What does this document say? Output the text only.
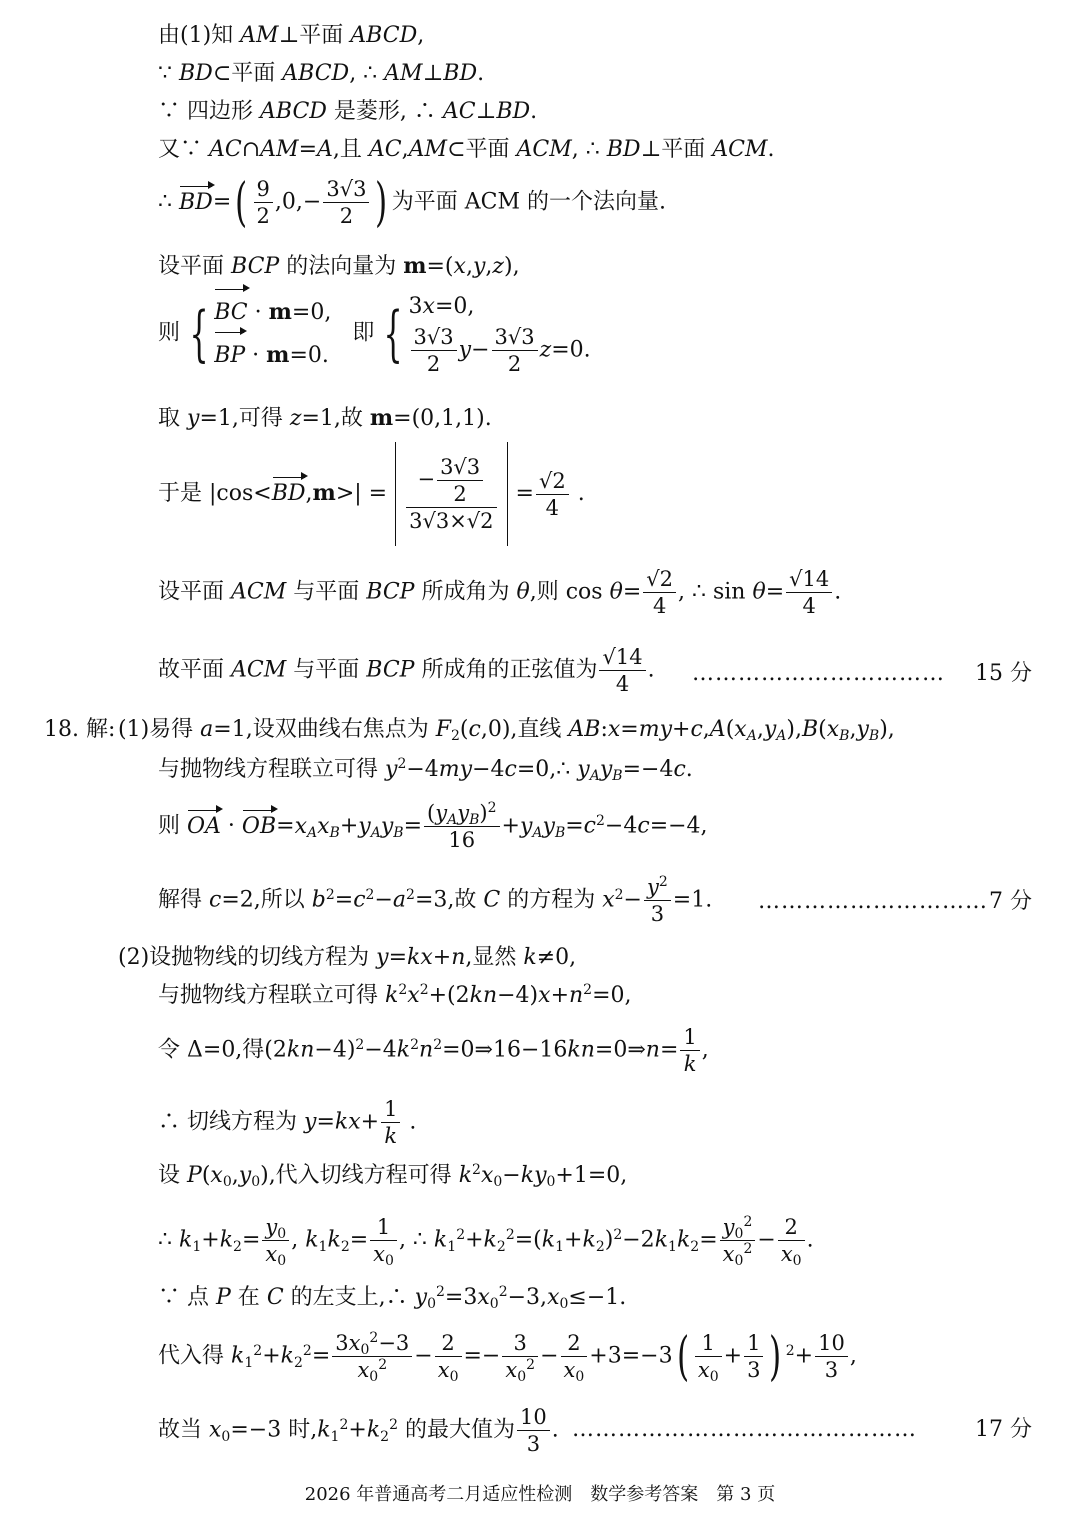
由(1)知 AM⊥平面 ABCD,
∵ BD⊂平面 ABCD, ∴ AM⊥BD.
∵ 四边形 ABCD 是菱形, ∴ AC⊥BD.
又∵ AC∩AM=A,且 AC,AM⊂平面 ACM, ∴ BD⊥平面 ACM.
∴ $BD=( \frac{9}{2} ,0,- \frac{3√3}{2}$ ) 为平面 ACM 的一个法向量.
设平面 BCP 的法向量为 m=(x,y,z),
则 { BC · m=0,
BP · m=0.
即 { 3x=0,
$\frac{3√3}{2} y- \frac{3√3}{2} z=0$.
取 y=1,可得 z=1,故 m=(0,1,1).
于是 $|\cos<BD,m>| = \frac{- \frac{3√3}{2}}{3√3\times√2} = \frac{√2}{4}$ .
设平面 ACM 与平面 BCP 所成角为 θ,则 $\cos \theta= \frac{√2}{4}$ , ∴ $\sin \theta= \frac{√14}{4}$ .
故平面 ACM 与平面 BCP 所成角的正弦值为 $\frac{√14}{4}$ . …………………………… 15 分
18. 解: (1)易得 a=1,设双曲线右焦点为 $F_2(c,0)$,直线 $AB:x=my+c,A(x_A,y_A),B(x_B,y_B)$,
与抛物线方程联立可得 $y^2-4my-4c=0,\therefore$ $y_Ay_B=-4c$.
则 OA · $OB=x_Ax_B+y_Ay_B= \frac{(y_Ay_B)^2}{16} +y_Ay_B=c^2-4c=-4$,
解得 c=2,所以 $b^2=c^2-a^2=3$,故 C 的方程为 $x^2- \frac{y^2}{3} =1$. ………………………… 7 分
(2)设抛物线的切线方程为 y=kx+n,显然 k≠0,
与抛物线方程联立可得 $k^2x^2+(2kn-4)x+n^2=0$,
令 Δ=0,得$(2kn-4)^2-4k^2n^2=0\Rightarrow 16-16kn=0\Rightarrow n= \frac{1}{k}$ ,
∴ 切线方程为 $y=kx+ \frac{1}{k}$ .
设 $P(x_0,y_0)$,代入切线方程可得 $k^2x_0-ky_0+1=0$,
∴ $k_1+k_2= \frac{y_0}{x_0}$ , $k_1k_2= \frac{1}{x_0}$ , ∴ $k_1^2+k_2^2=(k_1+k_2)^2-2k_1k_2= \frac{y_0^2}{x_0^2} - \frac{2}{x_0}$ .
∵ 点 P 在 C 的左支上,∴ $y_0^2=3x_0^2-3,x_0\le-1$.
代入得 $k_1^2+k_2^2= \frac{3x_0^2-3}{x_0^2} - \frac{2}{x_0} =- \frac{3}{x_0^2} - \frac{2}{x_0} +3=-3( \frac{1}{x_0} + \frac{1}{3}$ ) $^2+ \frac{10}{3}$ ,
故当 $x_0=-3$ 时$,k_1^2+k_2^2$ 的最大值为 $\frac{10}{3}$ . ………………………………………	17 分
2026 年普通高考二月适应性检测　数学参考答案　第 3 页
